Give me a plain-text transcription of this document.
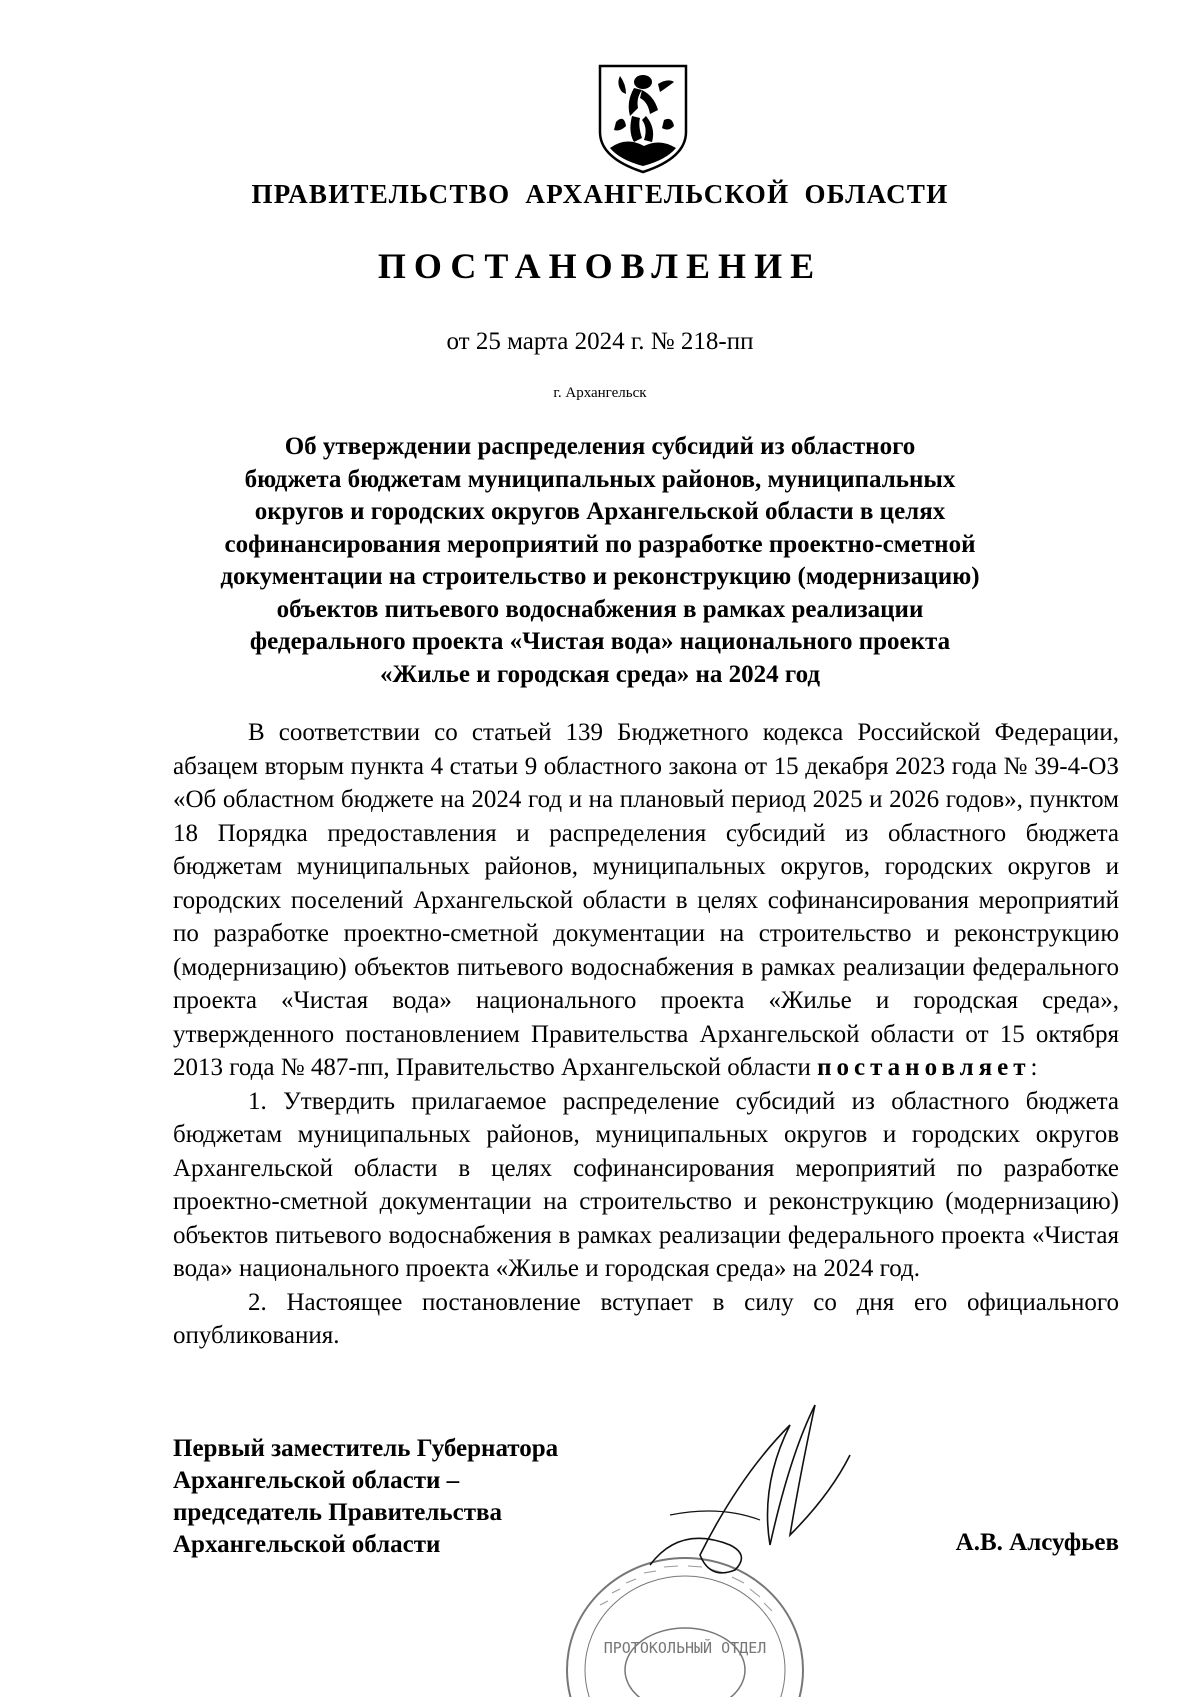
ПРАВИТЕЛЬСТВО АРХАНГЕЛЬСКОЙ ОБЛАСТИ
ПОСТАНОВЛЕНИЕ
от 25 марта 2024 г. № 218-пп
г. Архангельск
Об утверждении распределения субсидий из областного
бюджета бюджетам муниципальных районов, муниципальных
округов и городских округов Архангельской области в целях
софинансирования мероприятий по разработке проектно-сметной
документации на строительство и реконструкцию (модернизацию)
объектов питьевого водоснабжения в рамках реализации
федерального проекта «Чистая вода» национального проекта
«Жилье и городская среда» на 2024 год

В соответствии со статьей 139 Бюджетного кодекса Российской Федерации, абзацем вторым пункта 4 статьи 9 областного закона от 15 декабря 2023 года № 39-4-ОЗ «Об областном бюджете на 2024 год и на плановый период 2025 и 2026 годов», пунктом 18 Порядка предоставления и распределения субсидий из областного бюджета бюджетам муниципальных районов, муниципальных округов, городских округов и городских поселений Архангельской области в целях софинансирования мероприятий по разработке проектно-сметной документации на строительство и реконструкцию (модернизацию) объектов питьевого водоснабжения в рамках реализации федерального проекта «Чистая вода» национального проекта «Жилье и городская среда», утвержденного постановлением Правительства Архангельской области от 15 октября 2013 года № 487-пп, Правительство Архангельской области постановляет:

1. Утвердить прилагаемое распределение субсидий из областного бюджета бюджетам муниципальных районов, муниципальных округов и городских округов Архангельской области в целях софинансирования мероприятий по разработке проектно-сметной документации на строительство и реконструкцию (модернизацию) объектов питьевого водоснабжения в рамках реализации федерального проекта «Чистая вода» национального проекта «Жилье и городская среда» на 2024 год.

2. Настоящее постановление вступает в силу со дня его официального опубликования.

Первый заместитель Губернатора
Архангельской области –
председатель Правительства
Архангельской области	А.В. Алсуфьев
ПРОТОКОЛЬНЫЙ ОТДЕЛ
